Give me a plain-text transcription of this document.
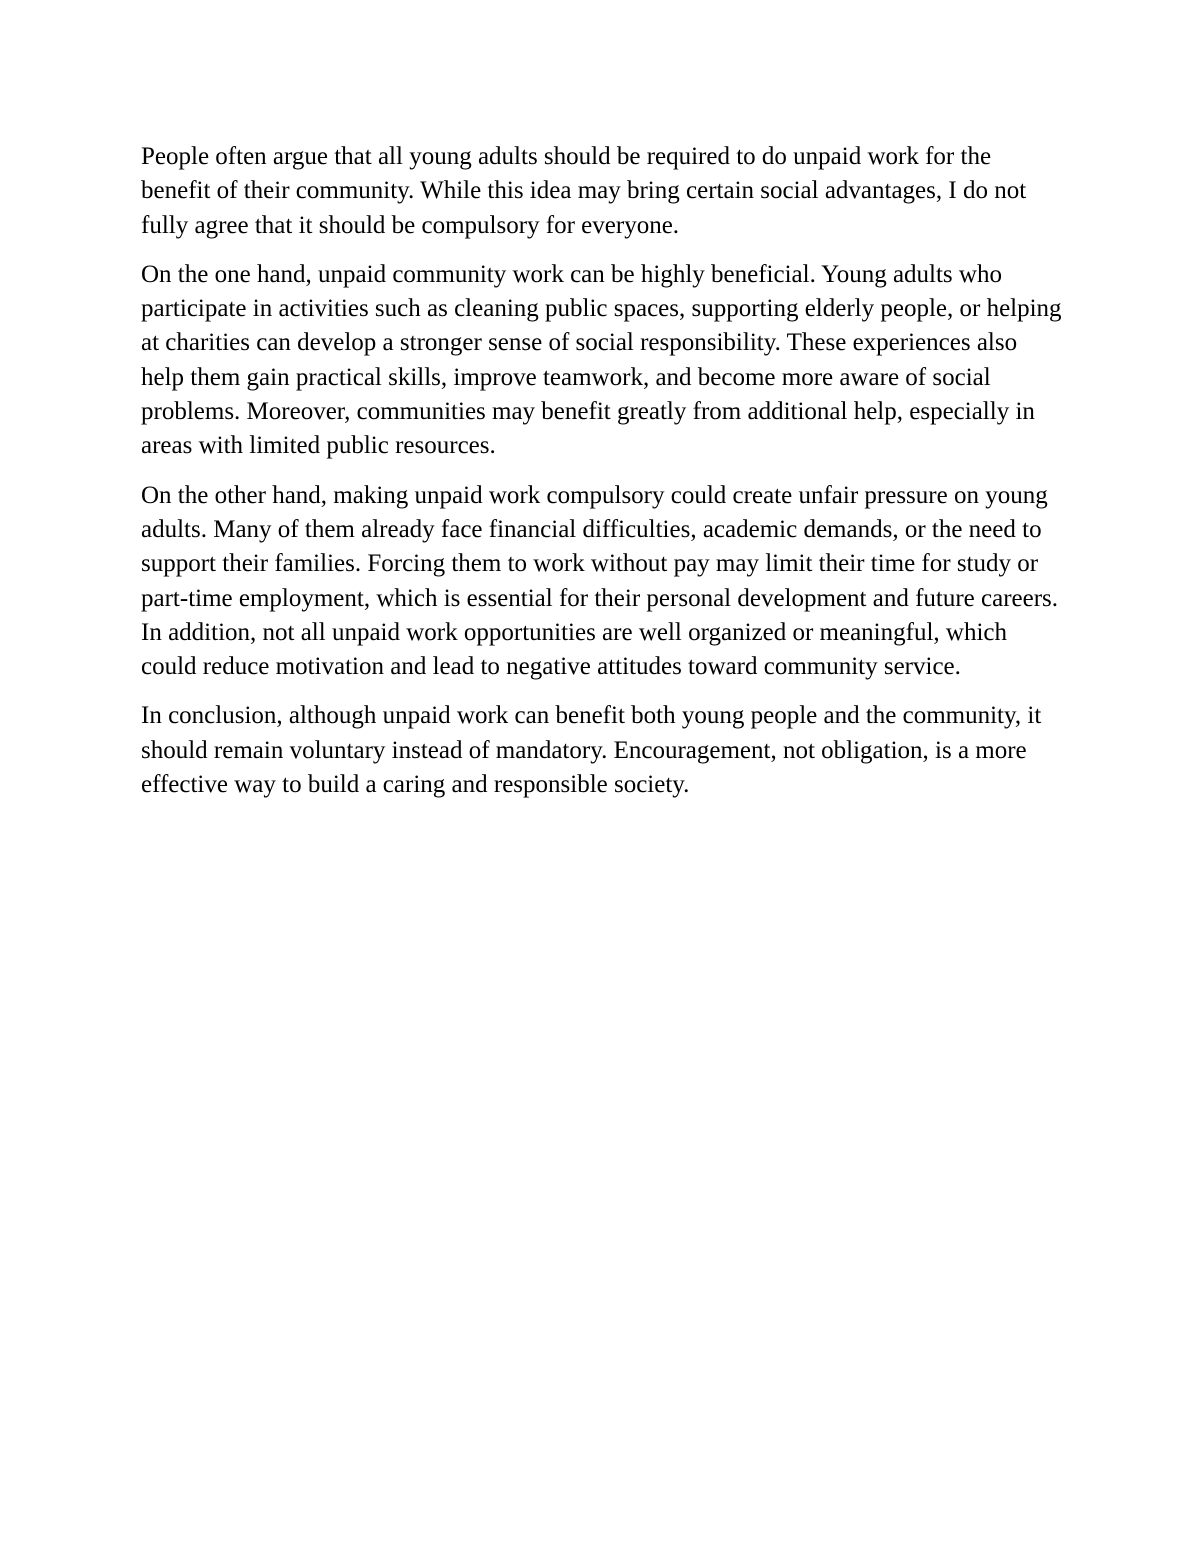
People often argue that all young adults should be required to do unpaid work for the benefit of their community. While this idea may bring certain social advantages, I do not fully agree that it should be compulsory for everyone.

On the one hand, unpaid community work can be highly beneficial. Young adults who participate in activities such as cleaning public spaces, supporting elderly people, or helping at charities can develop a stronger sense of social responsibility. These experiences also help them gain practical skills, improve teamwork, and become more aware of social problems. Moreover, communities may benefit greatly from additional help, especially in areas with limited public resources.

On the other hand, making unpaid work compulsory could create unfair pressure on young adults. Many of them already face financial difficulties, academic demands, or the need to support their families. Forcing them to work without pay may limit their time for study or part-time employment, which is essential for their personal development and future careers. In addition, not all unpaid work opportunities are well organized or meaningful, which could reduce motivation and lead to negative attitudes toward community service.

In conclusion, although unpaid work can benefit both young people and the community, it should remain voluntary instead of mandatory. Encouragement, not obligation, is a more effective way to build a caring and responsible society.
